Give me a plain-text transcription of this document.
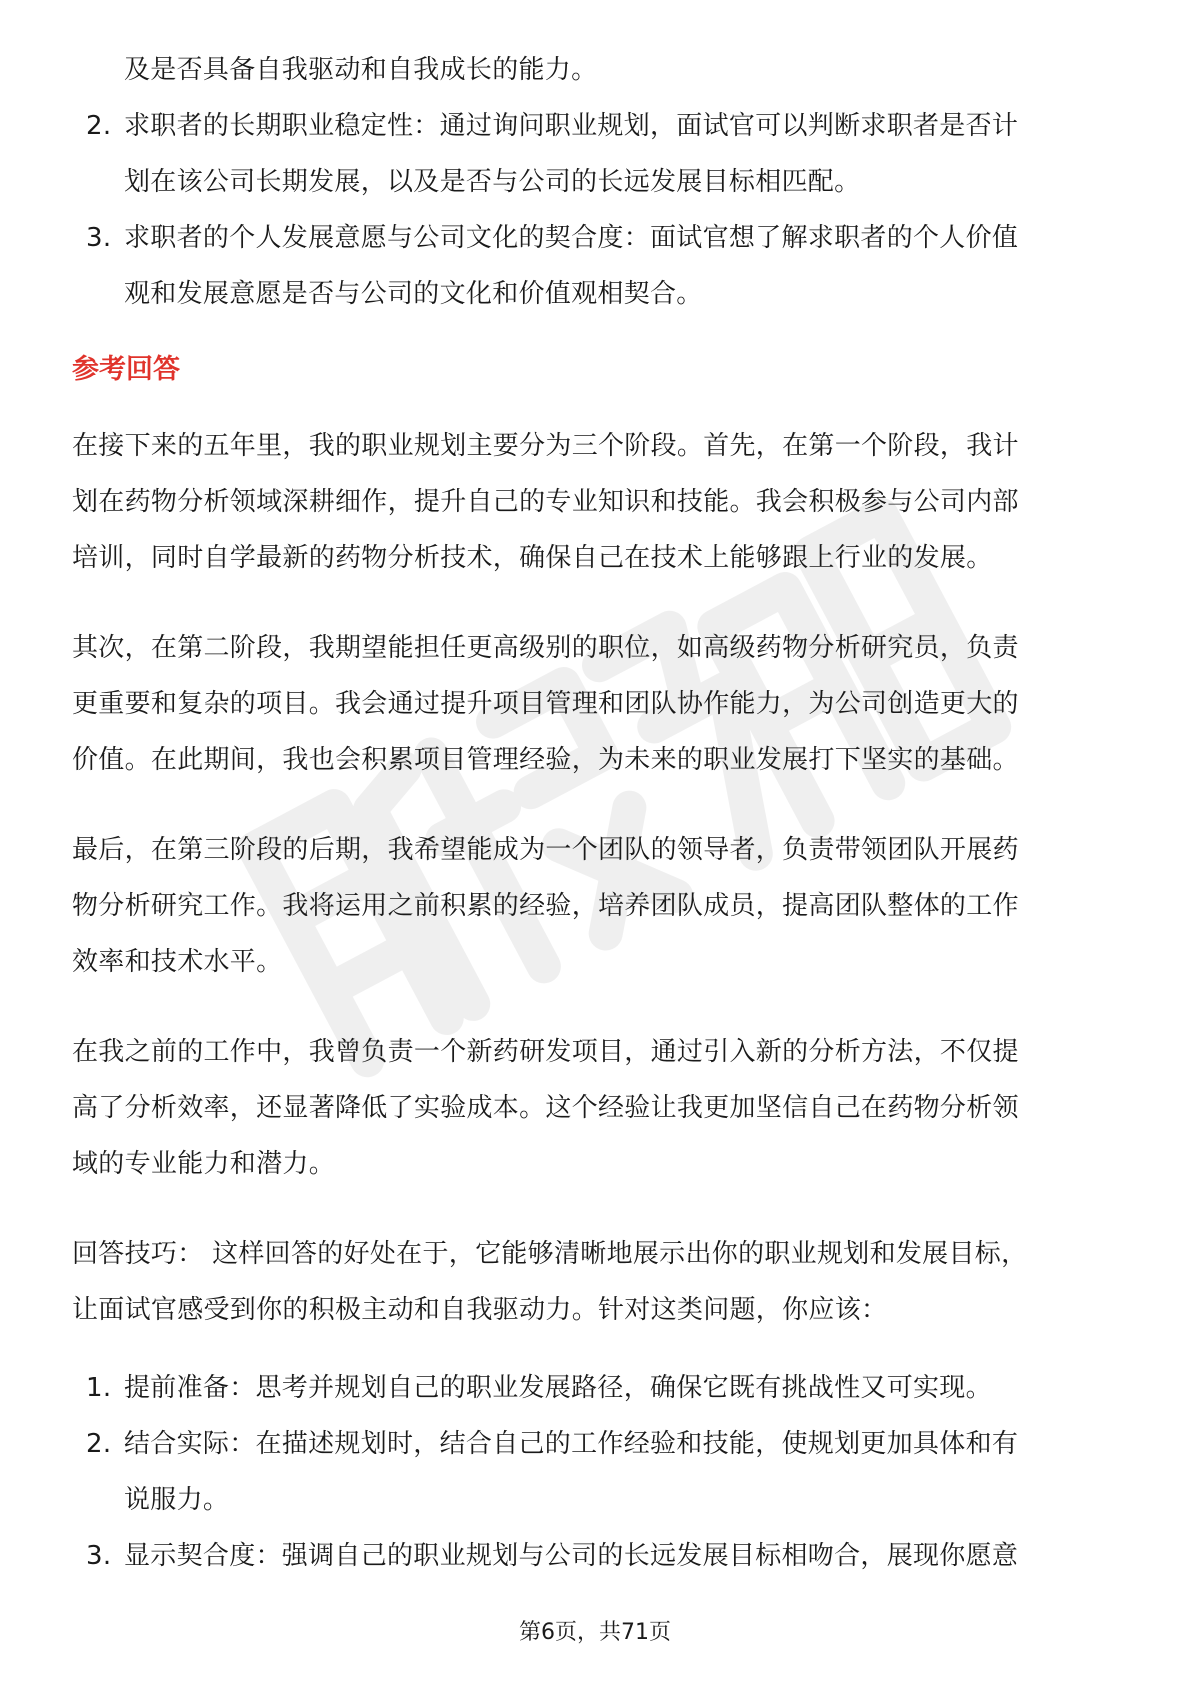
及是否具备自我驱动和自我成长的能力。

2. 求职者的长期职业稳定性：通过询问职业规划，面试官可以判断求职者是否计
划在该公司长期发展，以及是否与公司的长远发展目标相匹配。
3. 求职者的个人发展意愿与公司文化的契合度：面试官想了解求职者的个人价值
观和发展意愿是否与公司的文化和价值观相契合。
参考回答

在接下来的五年里，我的职业规划主要分为三个阶段。首先，在第一个阶段，我计
划在药物分析领域深耕细作，提升自己的专业知识和技能。我会积极参与公司内部
培训，同时自学最新的药物分析技术，确保自己在技术上能够跟上行业的发展。

其次，在第二阶段，我期望能担任更高级别的职位，如高级药物分析研究员，负责
更重要和复杂的项目。我会通过提升项目管理和团队协作能力，为公司创造更大的
价值。在此期间，我也会积累项目管理经验，为未来的职业发展打下坚实的基础。

最后，在第三阶段的后期，我希望能成为一个团队的领导者，负责带领团队开展药
物分析研究工作。我将运用之前积累的经验，培养团队成员，提高团队整体的工作
效率和技术水平。

在我之前的工作中，我曾负责一个新药研发项目，通过引入新的分析方法，不仅提
高了分析效率，还显著降低了实验成本。这个经验让我更加坚信自己在药物分析领
域的专业能力和潜力。

回答技巧： 这样回答的好处在于，它能够清晰地展示出你的职业规划和发展目标，
让面试官感受到你的积极主动和自我驱动力。针对这类问题，你应该：

1. 提前准备：思考并规划自己的职业发展路径，确保它既有挑战性又可实现。
2. 结合实际：在描述规划时，结合自己的工作经验和技能，使规划更加具体和有
说服力。
3. 显示契合度：强调自己的职业规划与公司的长远发展目标相吻合，展现你愿意
第6页，共71页
